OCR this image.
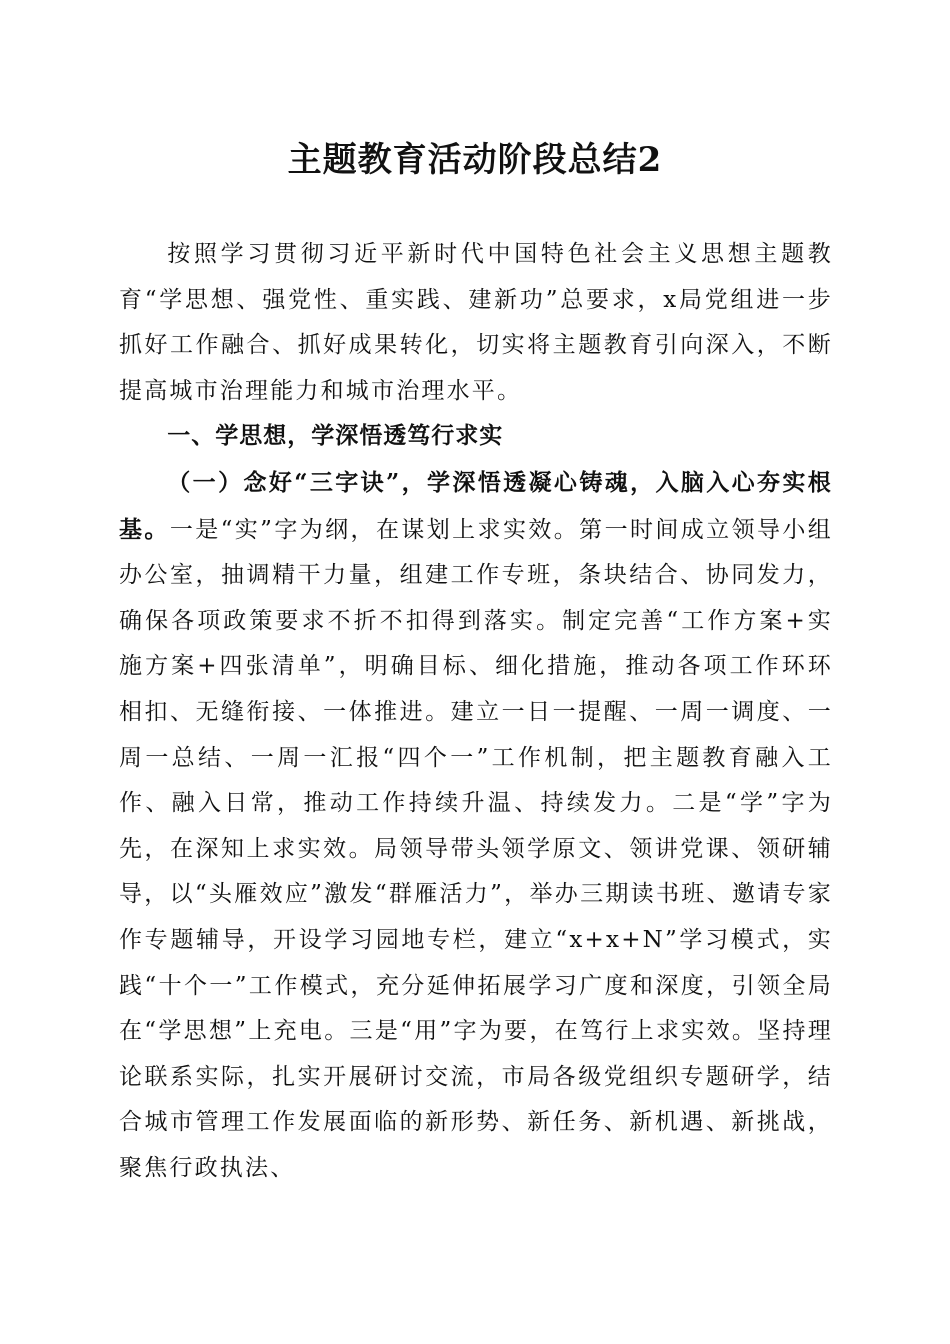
主题教育活动阶段总结2

按照学习贯彻习近平新时代中国特色社会主义思想主题教育“学思想、强党性、重实践、建新功”总要求，x局党组进一步抓好工作融合、抓好成果转化，切实将主题教育引向深入，不断提高城市治理能力和城市治理水平。

一、学思想，学深悟透笃行求实

（一）念好“三字诀”，学深悟透凝心铸魂，入脑入心夯实根基。一是“实”字为纲，在谋划上求实效。第一时间成立领导小组办公室，抽调精干力量，组建工作专班，条块结合、协同发力，确保各项政策要求不折不扣得到落实。制定完善“工作方案+实施方案+四张清单”，明确目标、细化措施，推动各项工作环环相扣、无缝衔接、一体推进。建立一日一提醒、一周一调度、一周一总结、一周一汇报“四个一”工作机制，把主题教育融入工作、融入日常，推动工作持续升温、持续发力。二是“学”字为先，在深知上求实效。局领导带头领学原文、领讲党课、领研辅导，以“头雁效应”激发“群雁活力”，举办三期读书班、邀请专家作专题辅导，开设学习园地专栏，建立“x+x+N”学习模式，实践“十个一”工作模式，充分延伸拓展学习广度和深度，引领全局在“学思想”上充电。三是“用”字为要，在笃行上求实效。坚持理论联系实际，扎实开展研讨交流，市局各级党组织专题研学，结合城市管理工作发展面临的新形势、新任务、新机遇、新挑战，聚焦行政执法、
